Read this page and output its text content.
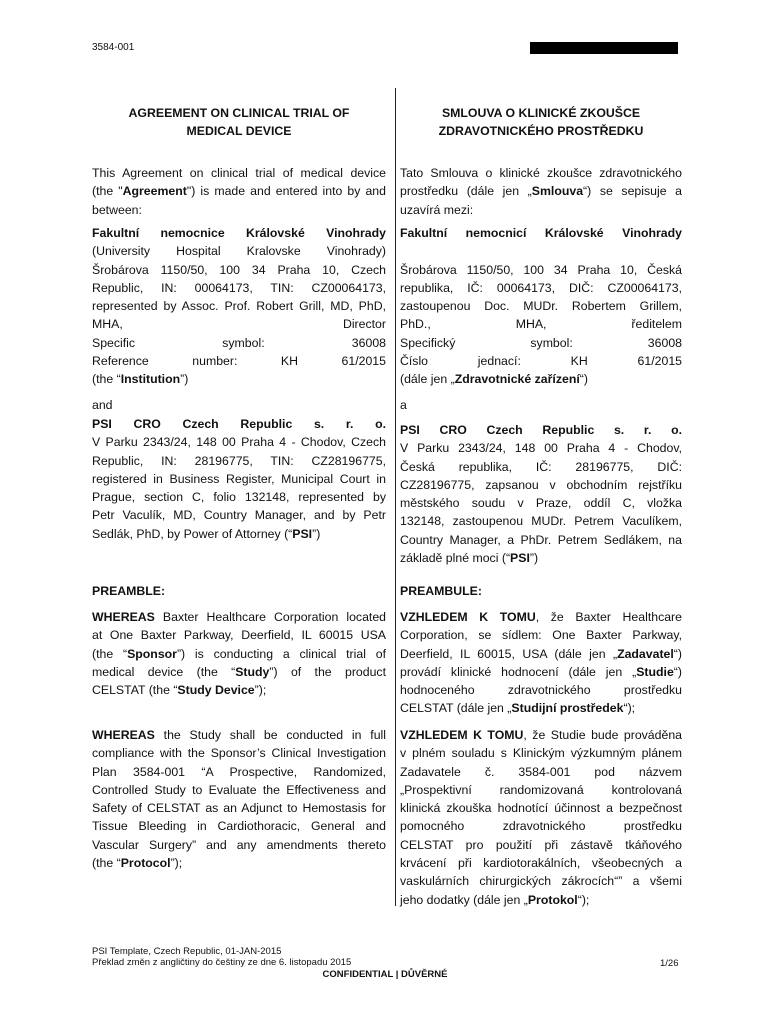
3584-001
AGREEMENT ON CLINICAL TRIAL OF
MEDICAL DEVICE
This Agreement on clinical trial of medical device
(the "Agreement") is made and entered into by and
between:
Fakultní nemocnice Královské Vinohrady
(University Hospital Kralovske Vinohrady)
Šrobárova 1150/50, 100 34 Praha 10, Czech
Republic, IN: 00064173, TIN: CZ00064173,
represented by Assoc. Prof. Robert Grill, MD, PhD,
MHA, Director
Specific symbol: 36008
Reference number: KH 61/2015
(the “Institution”)
and
PSI CRO Czech Republic s. r. o.
V Parku 2343/24, 148 00 Praha 4 - Chodov, Czech
Republic, IN: 28196775, TIN: CZ28196775,
registered in Business Register, Municipal Court in
Prague, section C, folio 132148, represented by
Petr Vaculík, MD, Country Manager, and by Petr
Sedlák, PhD, by Power of Attorney (“PSI”)
PREAMBLE:
WHEREAS Baxter Healthcare Corporation located
at One Baxter Parkway, Deerfield, IL 60015 USA
(the “Sponsor”) is conducting a clinical trial of
medical device (the “Study”) of the product
CELSTAT (the “Study Device”);
WHEREAS the Study shall be conducted in full
compliance with the Sponsor’s Clinical Investigation
Plan 3584-001 “A Prospective, Randomized,
Controlled Study to Evaluate the Effectiveness and
Safety of CELSTAT as an Adjunct to Hemostasis for
Tissue Bleeding in Cardiothoracic, General and
Vascular Surgery” and any amendments thereto
(the “Protocol”);
SMLOUVA O KLINICKÉ ZKOUŠCE
ZDRAVOTNICKÉHO PROSTŘEDKU
Tato Smlouva o klinické zkoušce zdravotnického
prostředku (dále jen „Smlouva“) se sepisuje a
uzavírá mezi:
Fakultní nemocnicí Královské Vinohrady

Šrobárova 1150/50, 100 34 Praha 10, Česká
republika, IČ: 00064173, DIČ: CZ00064173,
zastoupenou Doc. MUDr. Robertem Grillem,
PhD., MHA, ředitelem
Specifický symbol: 36008
Číslo jednací: KH 61/2015
(dále jen „Zdravotnické zařízení“)
a
PSI CRO Czech Republic s. r. o.
V Parku 2343/24, 148 00 Praha 4 - Chodov,
Česká republika, IČ: 28196775, DIČ:
CZ28196775, zapsanou v obchodním rejstříku
městského soudu v Praze, oddíl C, vložka
132148, zastoupenou MUDr. Petrem Vaculíkem,
Country Manager, a PhDr. Petrem Sedlákem, na
základě plné moci (“PSI”)
PREAMBULE:
VZHLEDEM K TOMU, že Baxter Healthcare
Corporation, se sídlem: One Baxter Parkway,
Deerfield, IL 60015, USA (dále jen „Zadavatel“)
provádí klinické hodnocení (dále jen „Studie“)
hodnoceného zdravotnického prostředku
CELSTAT (dále jen „Studijní prostředek“);
VZHLEDEM K TOMU, že Studie bude prováděna
v plném souladu s Klinickým výzkumným plánem
Zadavatele č. 3584-001 pod názvem
„Prospektivní randomizovaná kontrolovaná
klinická zkouška hodnotící účinnost a bezpečnost
pomocného zdravotnického prostředku
CELSTAT pro použití při zástavě tkáňového
krvácení při kardiotorakálních, všeobecných a
vaskulárních chirurgických zákrocích“” a všemi
jeho dodatky (dále jen „Protokol“);
PSI Template, Czech Republic, 01-JAN-2015
Překlad změn z angličtiny do češtiny ze dne 6. listopadu 2015	1/26
CONFIDENTIAL | DŮVĚRNÉ
